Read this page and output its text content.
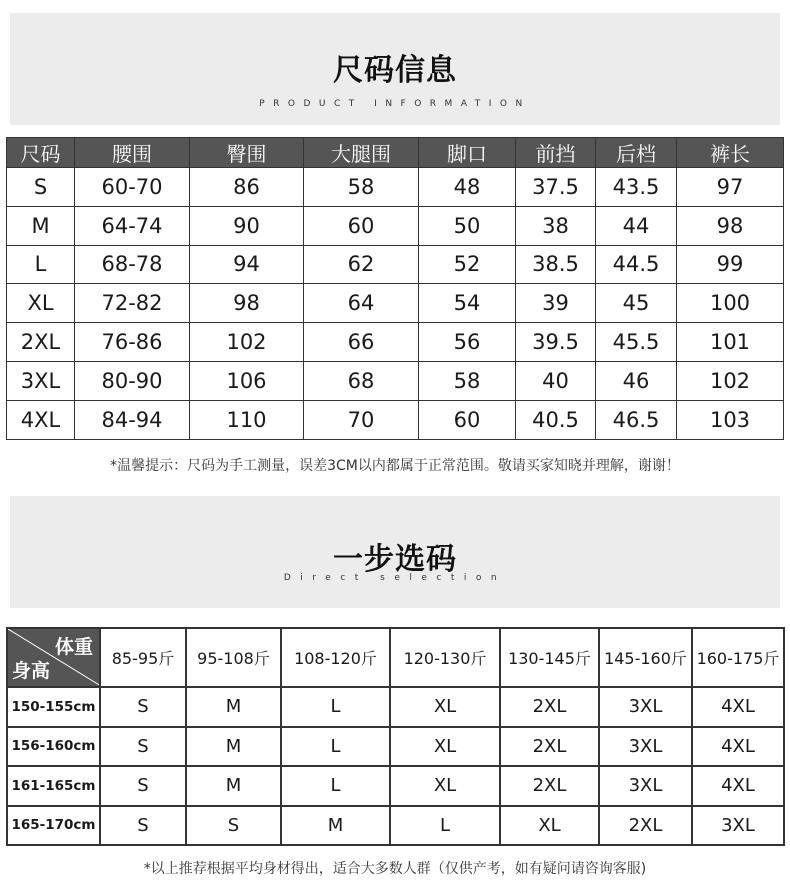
尺码信息
PRODUCT INFORMATION
尺码	腰围	臀围	大腿围	脚口	前挡	后档	裤长
S	60-70	86	58	48	37.5	43.5	97
M	64-74	90	60	50	38	44	98
L	68-78	94	62	52	38.5	44.5	99
XL	72-82	98	64	54	39	45	100
2XL	76-86	102	66	56	39.5	45.5	101
3XL	80-90	106	68	58	40	46	102
4XL	84-94	110	70	60	40.5	46.5	103
*温馨提示：尺码为手工测量，误差3CM以内都属于正常范围。敬请买家知晓并理解，谢谢！
一步选码
Direct selection
体重
身高	85-95斤	95-108斤	108-120斤	120-130斤	130-145斤	145-160斤	160-175斤
150-155cm	S	M	L	XL	2XL	3XL	4XL
156-160cm	S	M	L	XL	2XL	3XL	4XL
161-165cm	S	M	L	XL	2XL	3XL	4XL
165-170cm	S	S	M	L	XL	2XL	3XL
*以上推荐根据平均身材得出，适合大多数人群（仅供产考，如有疑问请咨询客服)
